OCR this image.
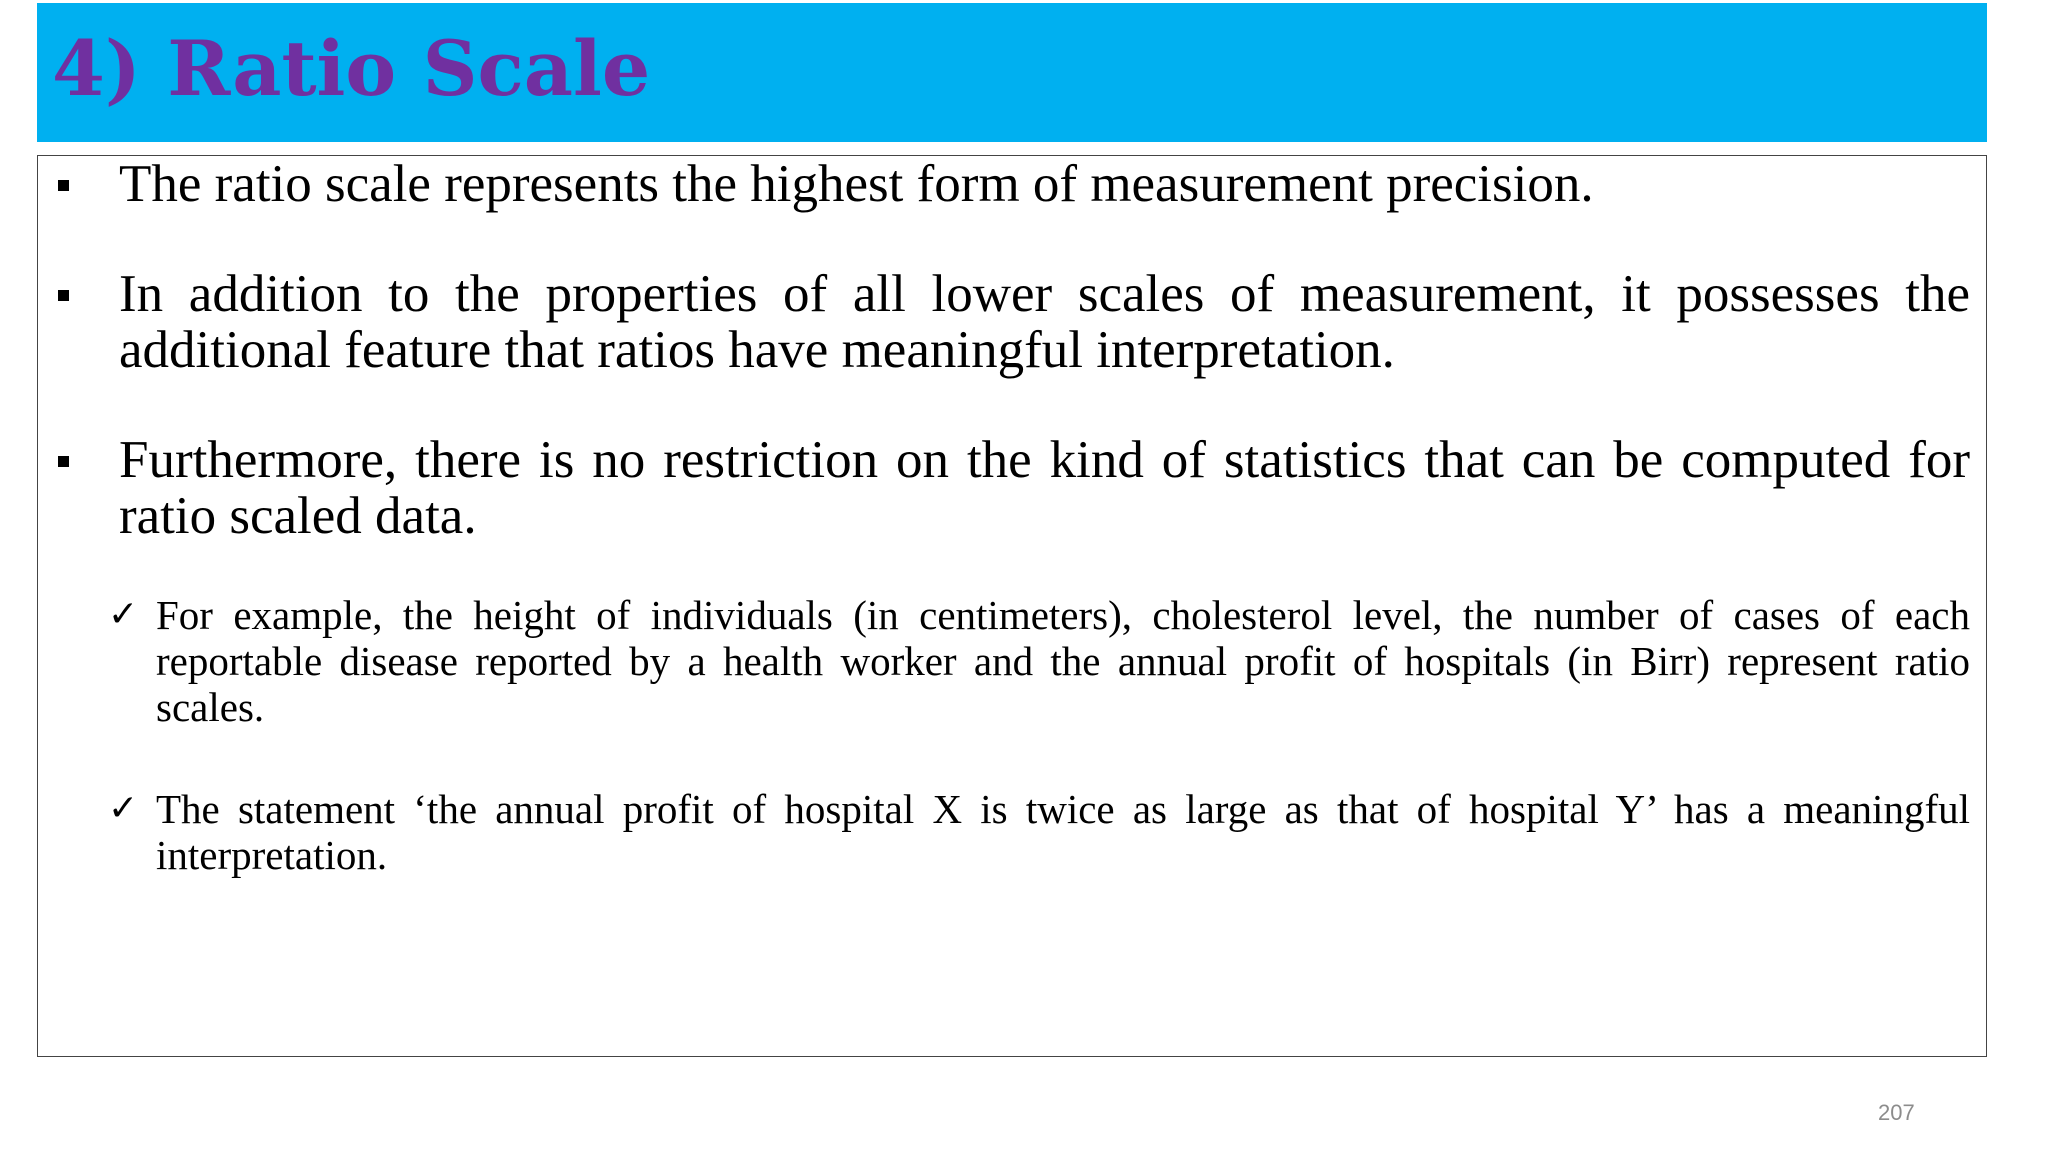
4) Ratio Scale
The ratio scale represents the highest form of measurement precision.
In addition to the properties of all lower scales of measurement, it possesses the additional feature that ratios have meaningful interpretation.
Furthermore, there is no restriction on the kind of statistics that can be computed for ratio scaled data.
✓ For example, the height of individuals (in centimeters), cholesterol level, the number of cases of each reportable disease reported by a health worker and the annual profit of hospitals (in Birr) represent ratio scales.
✓ The statement ‘the annual profit of hospital X is twice as large as that of hospital Y’ has a meaningful interpretation.
207
